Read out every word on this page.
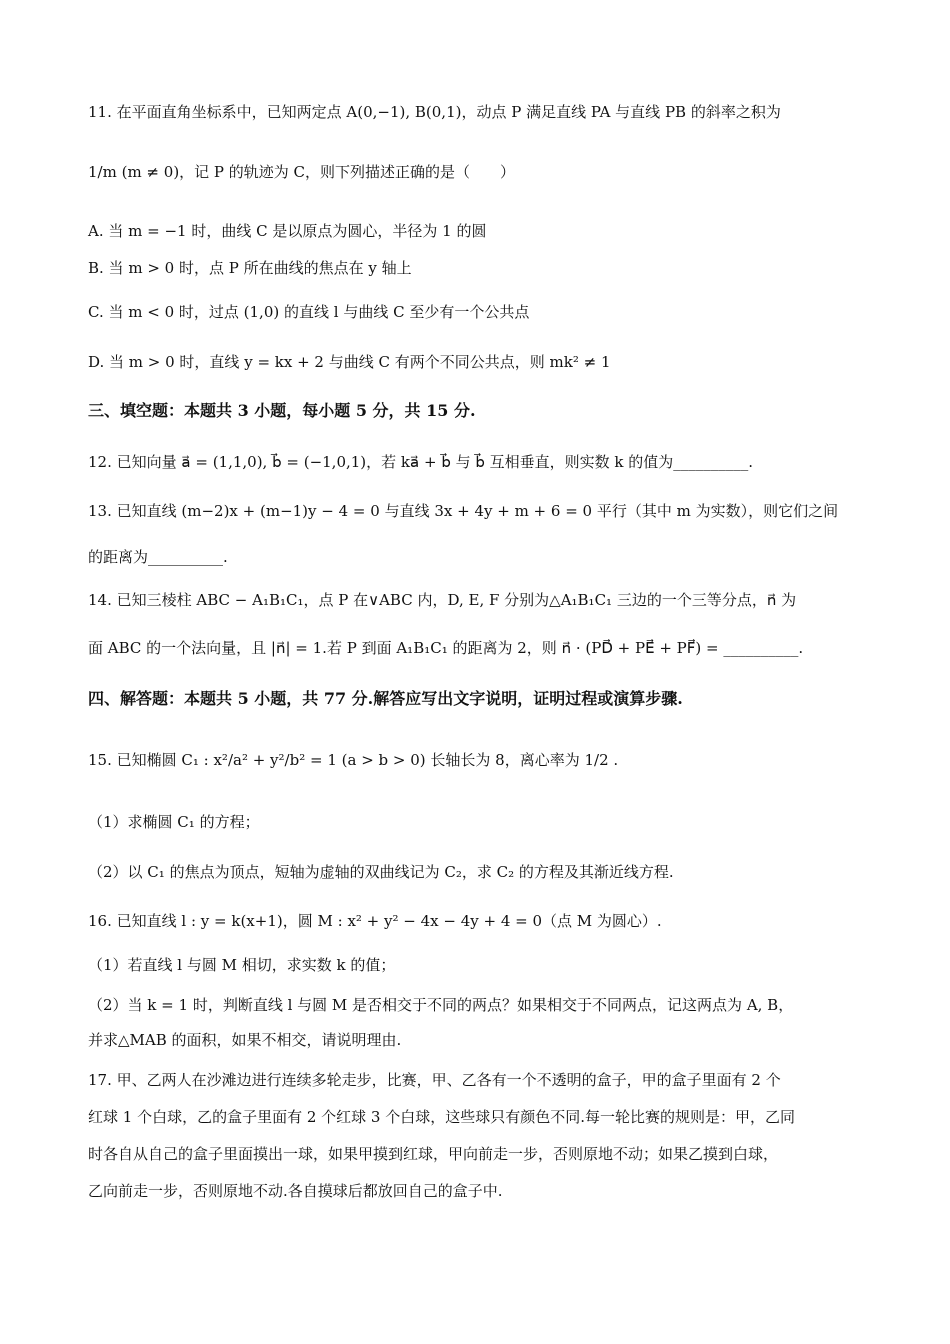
11. 在平面直角坐标系中，已知两定点 A(0,−1), B(0,1)，动点 P 满足直线 PA 与直线 PB 的斜率之积为
1/m (m ≠ 0)，记 P 的轨迹为 C，则下列描述正确的是（　　）
A. 当 m = −1 时，曲线 C 是以原点为圆心，半径为 1 的圆
B. 当 m > 0 时，点 P 所在曲线的焦点在 y 轴上
C. 当 m < 0 时，过点 (1,0) 的直线 l 与曲线 C 至少有一个公共点
D. 当 m > 0 时，直线 y = kx + 2 与曲线 C 有两个不同公共点，则 mk² ≠ 1
三、填空题：本题共 3 小题，每小题 5 分，共 15 分.
12. 已知向量 a⃗ = (1,1,0), b⃗ = (−1,0,1)，若 ka⃗ + b⃗ 与 b⃗ 互相垂直，则实数 k 的值为__________.
13. 已知直线 (m−2)x + (m−1)y − 4 = 0 与直线 3x + 4y + m + 6 = 0 平行（其中 m 为实数），则它们之间
的距离为__________.
14. 已知三棱柱 ABC − A₁B₁C₁，点 P 在∨ABC 内，D, E, F 分别为△A₁B₁C₁ 三边的一个三等分点，n⃗ 为
面 ABC 的一个法向量，且 |n⃗| = 1.若 P 到面 A₁B₁C₁ 的距离为 2，则 n⃗ · (PD⃗ + PE⃗ + PF⃗) = __________.
四、解答题：本题共 5 小题，共 77 分.解答应写出文字说明，证明过程或演算步骤.
15. 已知椭圆 C₁ : x²/a² + y²/b² = 1 (a > b > 0) 长轴长为 8，离心率为 1/2 .
（1）求椭圆 C₁ 的方程；
（2）以 C₁ 的焦点为顶点，短轴为虚轴的双曲线记为 C₂，求 C₂ 的方程及其渐近线方程.
16. 已知直线 l : y = k(x+1)，圆 M : x² + y² − 4x − 4y + 4 = 0（点 M 为圆心）.
（1）若直线 l 与圆 M 相切，求实数 k 的值；
（2）当 k = 1 时，判断直线 l 与圆 M 是否相交于不同的两点？如果相交于不同两点，记这两点为 A, B，
并求△MAB 的面积，如果不相交，请说明理由.
17. 甲、乙两人在沙滩边进行连续多轮走步，比赛，甲、乙各有一个不透明的盒子，甲的盒子里面有 2 个
红球 1 个白球，乙的盒子里面有 2 个红球 3 个白球，这些球只有颜色不同.每一轮比赛的规则是：甲，乙同
时各自从自己的盒子里面摸出一球，如果甲摸到红球，甲向前走一步，否则原地不动；如果乙摸到白球，
乙向前走一步，否则原地不动.各自摸球后都放回自己的盒子中.
